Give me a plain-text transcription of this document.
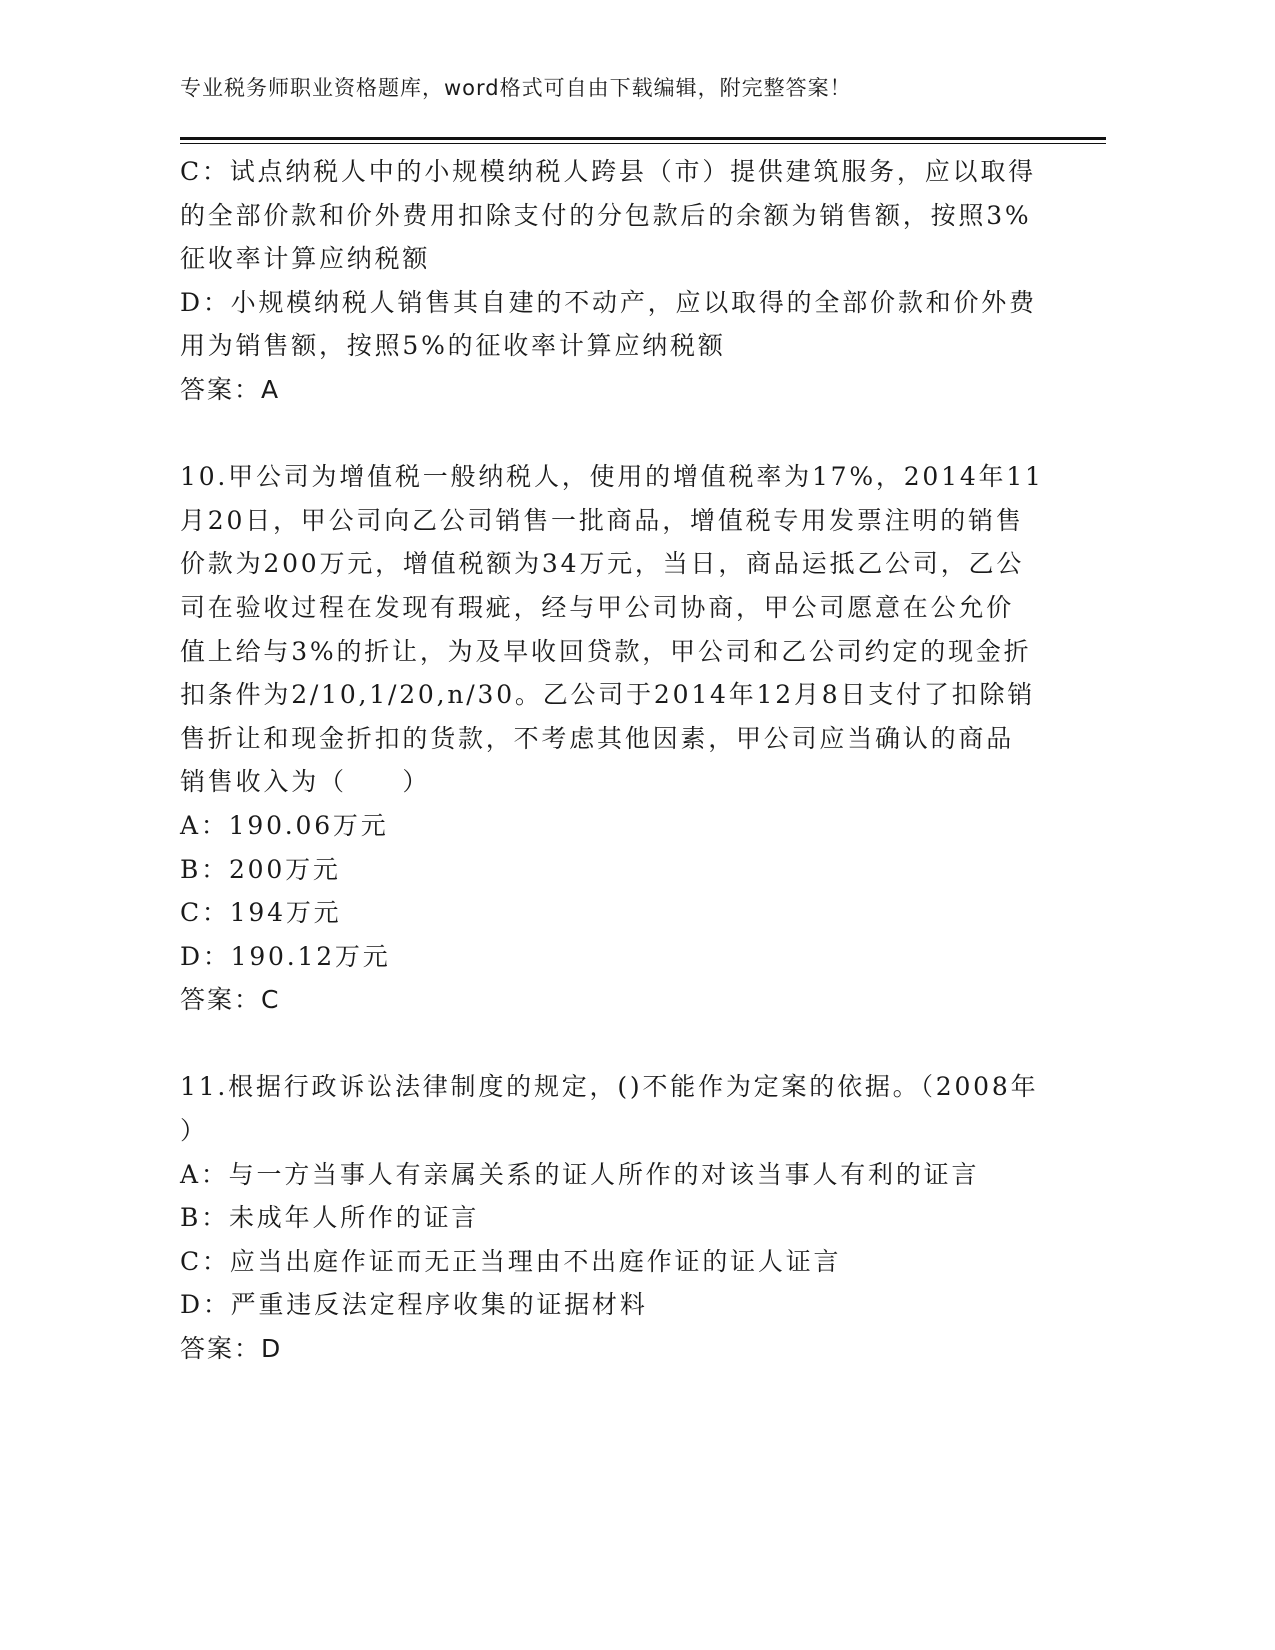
专业税务师职业资格题库，word格式可自由下载编辑，附完整答案！
C：试点纳税人中的小规模纳税人跨县（市）提供建筑服务，应以取得
的全部价款和价外费用扣除支付的分包款后的余额为销售额，按照3%
征收率计算应纳税额
D：小规模纳税人销售其自建的不动产，应以取得的全部价款和价外费
用为销售额，按照5%的征收率计算应纳税额
答案：A
10.甲公司为增值税一般纳税人，使用的增值税率为17%，2014年11
月20日，甲公司向乙公司销售一批商品，增值税专用发票注明的销售
价款为200万元，增值税额为34万元，当日，商品运抵乙公司，乙公
司在验收过程在发现有瑕疵，经与甲公司协商，甲公司愿意在公允价
值上给与3%的折让，为及早收回贷款，甲公司和乙公司约定的现金折
扣条件为2/10,1/20,n/30。乙公司于2014年12月8日支付了扣除销
售折让和现金折扣的货款，不考虑其他因素，甲公司应当确认的商品
销售收入为（　　）
A：190.06万元
B：200万元
C：194万元
D：190.12万元
答案：C
11.根据行政诉讼法律制度的规定，()不能作为定案的依据。（2008年
）
A：与一方当事人有亲属关系的证人所作的对该当事人有利的证言
B：未成年人所作的证言
C：应当出庭作证而无正当理由不出庭作证的证人证言
D：严重违反法定程序收集的证据材料
答案：D
